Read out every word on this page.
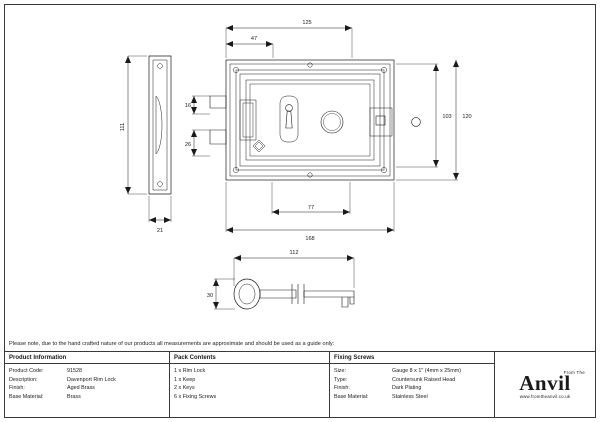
111
21
125
47
16
26
103 120
77
168
112
30
Please note, due to the hand crafted nature of our products all measurements are approximate and should be used as a guide only:
Product Information
Product Code:	91528
Description:	Davenport Rim Lock
Finish:	Aged Brass
Base Material:	Brass
Pack Contents
1 x Rim Lock
1 x Keep
2 x Keys
6 x Fixing Screws
Fixing Screws
Size:	Gauge 8 x 1" (4mm x 25mm)
Type:	Countersunk Raised Head
Finish:	Dark Plating
Base Material:	Stainless Steel
From The
Anvil
www.fromtheanvil.co.uk
